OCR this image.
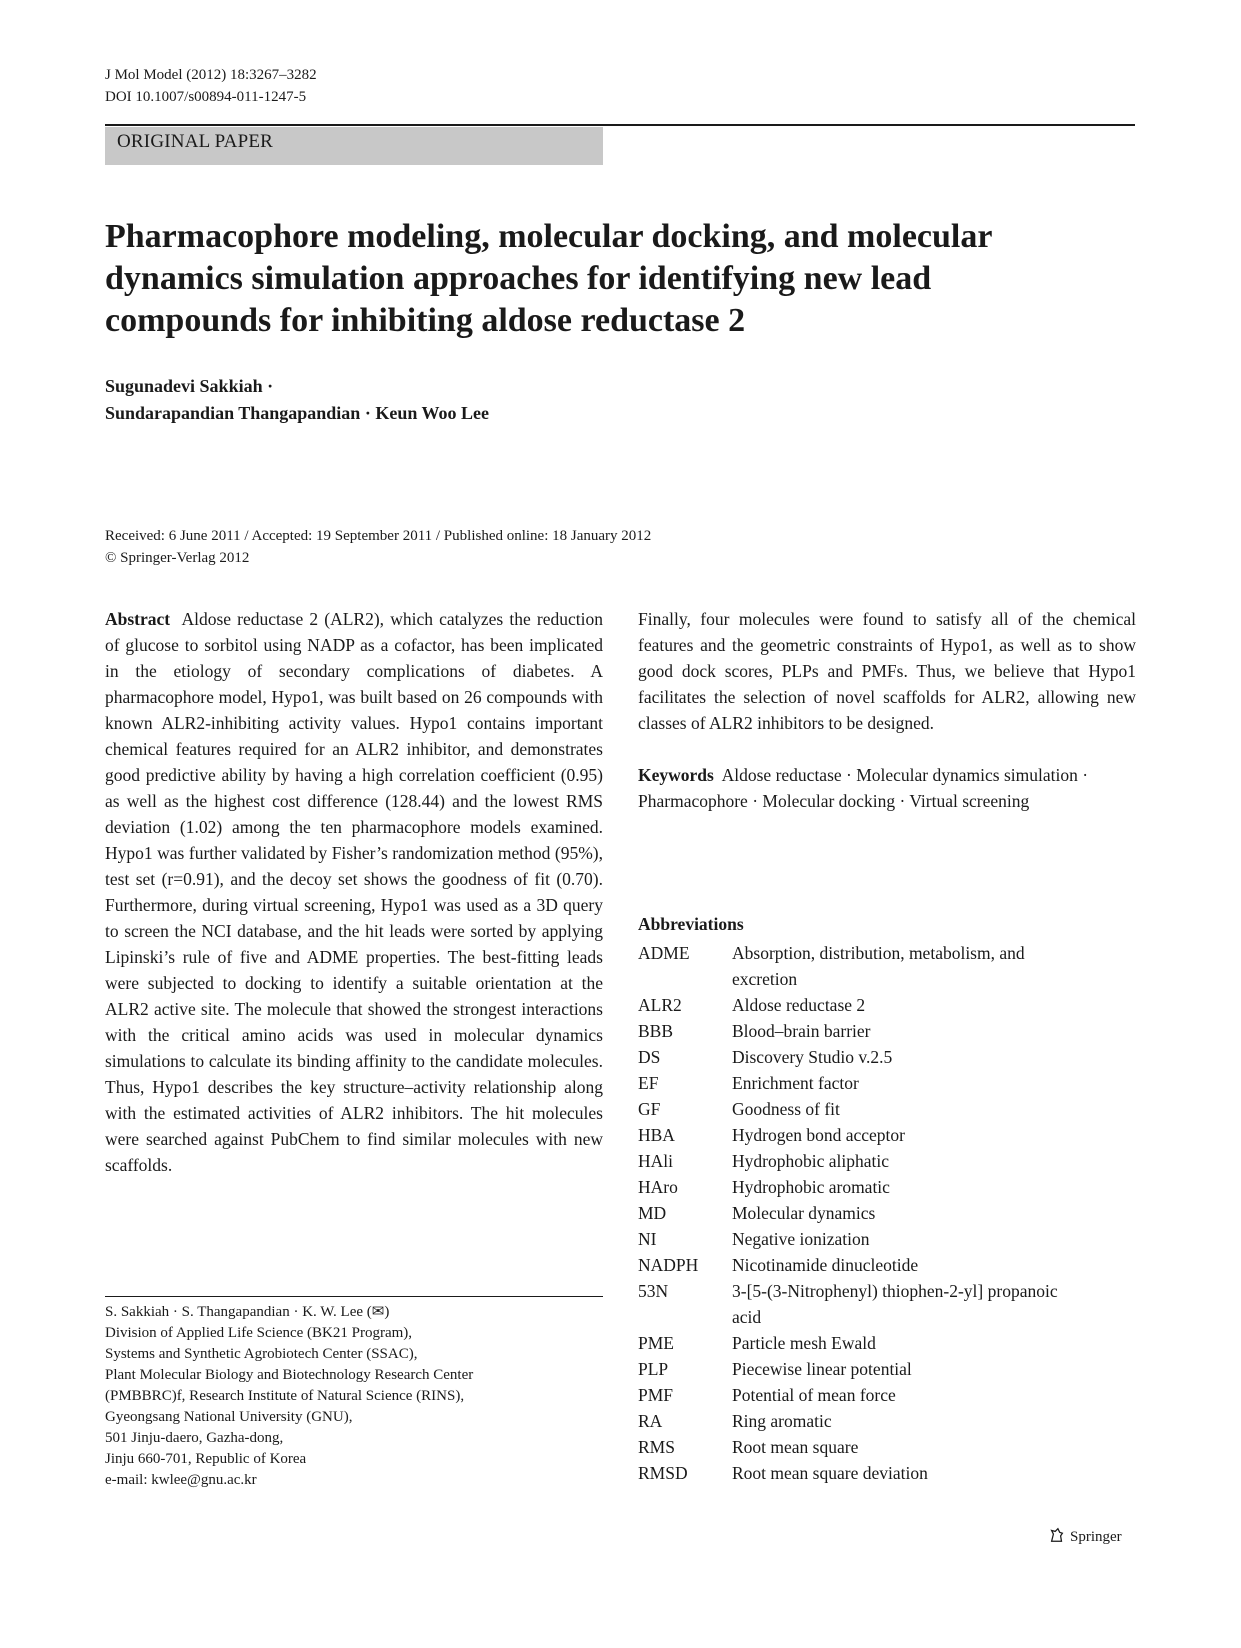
J Mol Model (2012) 18:3267–3282
DOI 10.1007/s00894-011-1247-5
ORIGINAL PAPER
Pharmacophore modeling, molecular docking, and molecular
dynamics simulation approaches for identifying new lead
compounds for inhibiting aldose reductase 2
Sugunadevi Sakkiah ·
Sundarapandian Thangapandian · Keun Woo Lee
Received: 6 June 2011 / Accepted: 19 September 2011 / Published online: 18 January 2012
© Springer-Verlag 2012

Abstract Aldose reductase 2 (ALR2), which catalyzes the reduction of glucose to sorbitol using NADP as a cofactor, has been implicated in the etiology of secondary complications of diabetes. A pharmacophore model, Hypo1, was built based on 26 compounds with known ALR2-inhibiting activity values. Hypo1 contains important chemical features required for an ALR2 inhibitor, and demonstrates good predictive ability by having a high correlation coefficient (0.95) as well as the highest cost difference (128.44) and the lowest RMS deviation (1.02) among the ten pharmacophore models examined. Hypo1 was further validated by Fisher’s randomization method (95%), test set (r=0.91), and the decoy set shows the goodness of fit (0.70). Furthermore, during virtual screening, Hypo1 was used as a 3D query to screen the NCI database, and the hit leads were sorted by applying Lipinski’s rule of five and ADME properties. The best-fitting leads were subjected to docking to identify a suitable orientation at the ALR2 active site. The molecule that showed the strongest interactions with the critical amino acids was used in molecular dynamics simulations to calculate its binding affinity to the candidate molecules. Thus, Hypo1 describes the key structure–activity relationship along with the estimated activities of ALR2 inhibitors. The hit molecules were searched against PubChem to find similar molecules with new scaffolds.

Finally, four molecules were found to satisfy all of the chemical features and the geometric constraints of Hypo1, as well as to show good dock scores, PLPs and PMFs. Thus, we believe that Hypo1 facilitates the selection of novel scaffolds for ALR2, allowing new classes of ALR2 inhibitors to be designed.

Keywords Aldose reductase · Molecular dynamics simulation · Pharmacophore · Molecular docking · Virtual screening

Abbreviations
ADME	Absorption, distribution, metabolism, and excretion
ALR2	Aldose reductase 2
BBB	Blood–brain barrier
DS	Discovery Studio v.2.5
EF	Enrichment factor
GF	Goodness of fit
HBA	Hydrogen bond acceptor
HAli	Hydrophobic aliphatic
HAro	Hydrophobic aromatic
MD	Molecular dynamics
NI	Negative ionization
NADPH	Nicotinamide dinucleotide
53N	3-[5-(3-Nitrophenyl) thiophen-2-yl] propanoic acid
PME	Particle mesh Ewald
PLP	Piecewise linear potential
PMF	Potential of mean force
RA	Ring aromatic
RMS	Root mean square
RMSD	Root mean square deviation
S. Sakkiah · S. Thangapandian · K. W. Lee (✉)
Division of Applied Life Science (BK21 Program),
Systems and Synthetic Agrobiotech Center (SSAC),
Plant Molecular Biology and Biotechnology Research Center
(PMBBRC)f, Research Institute of Natural Science (RINS),
Gyeongsang National University (GNU),
501 Jinju-daero, Gazha-dong,
Jinju 660-701, Republic of Korea
e-mail: kwlee@gnu.ac.kr
Springer
